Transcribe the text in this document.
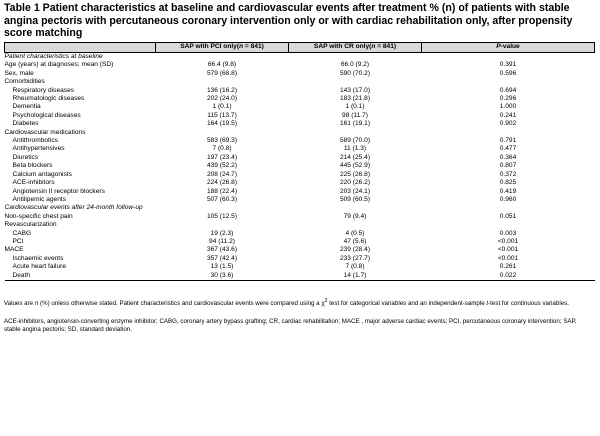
Table 1 Patient characteristics at baseline and cardiovascular events after treatment % (n) of patients with stable angina pectoris with percutaneous coronary intervention only or with cardiac rehabilitation only, after propensity score matching
	SAP with PCI only(n = 841)	SAP with CR only(n = 841)	P-value
Patient characteristics at baseline			
Age (years) at diagnoses; mean (SD)	66.4 (9.8)	66.0 (9.2)	0.391
Sex, male	579 (68.8)	590 (70.2)	0.596
Comorbidities			
Respiratory diseases	136 (16.2)	143 (17.0)	0.694
Rheumatologic diseases	202 (24.0)	183 (21.8)	0.296
Dementia	1 (0.1)	1 (0.1)	1.000
Psychological diseases	115 (13.7)	98 (11.7)	0.241
Diabetes	164 (19.5)	161 (19.1)	0.902
Cardiovascular medications			
Antithrombotics	583 (69.3)	589 (70.0)	0.791
Antihypertensives	7 (0.8)	11 (1.3)	0.477
Diuretics	197 (23.4)	214 (25.4)	0.364
Beta blockers	439 (52.2)	445 (52.9)	0.807
Calcium antagonists	208 (24.7)	225 (26.8)	0.372
ACE-inhibitors	224 (26.8)	220 (26.2)	0.825
Angiotensin II receptor blockers	188 (22.4)	203 (24.1)	0.419
Antilipemic agents	507 (60.3)	509 (60.5)	0.960
Cardiovascular events after 24-month follow-up			
Non-specific chest pain	105 (12.5)	79 (9.4)	0.051
Revascularization			
CABG	19 (2.3)	4 (0.5)	0.003
PCI	94 (11.2)	47 (5.6)	<0.001
MACE	367 (43.6)	239 (28.4)	<0.001
Ischaemic events	357 (42.4)	233 (27.7)	<0.001
Acute heart failure	13 (1.5)	7 (0.8)	0.261
Death	30 (3.6)	14 (1.7)	0.022
Values are n (%) unless otherwise stated. Patient characteristics and cardiovascular events were compared using a $\chi^2$ test for categorical variables and an independent-sample t-test for continuous variables.
ACE-inhibitors, angiotensin-converting enzyme inhibitor; CABG, coronary artery bypass grafting; CR, cardiac rehabilitation; MACE , major adverse cardiac events; PCI, percutaneous coronary intervention; SAP, stable angina pectoris; SD, standard deviation.
